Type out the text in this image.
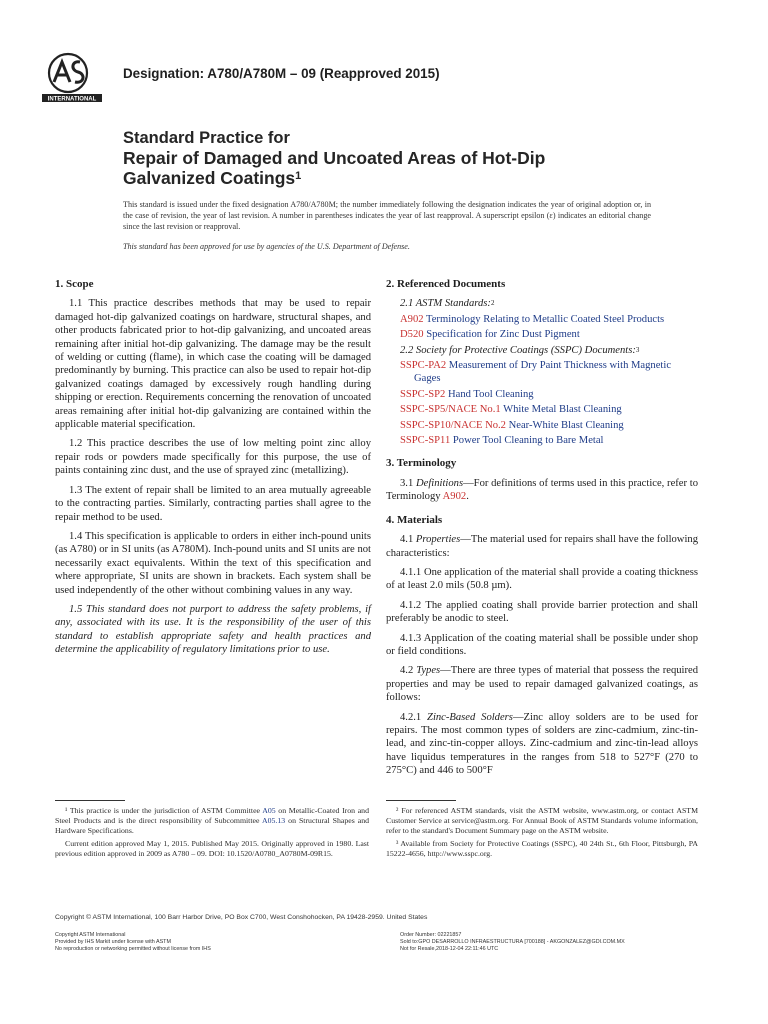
INTERNATIONAL
Designation: A780/A780M – 09 (Reapproved 2015)
Standard Practice for
Repair of Damaged and Uncoated Areas of Hot-Dip
Galvanized Coatings$^1$
This standard is issued under the fixed designation A780/A780M; the number immediately following the designation indicates the year of original adoption or, in the case of revision, the year of last revision. A number in parentheses indicates the year of last reapproval. A superscript epsilon (ε) indicates an editorial change since the last revision or reapproval.
This standard has been approved for use by agencies of the U.S. Department of Defense.
1. Scope

1.1 This practice describes methods that may be used to repair damaged hot-dip galvanized coatings on hardware, structural shapes, and other products fabricated prior to hot-dip galvanizing, and uncoated areas remaining after initial hot-dip galvanizing. The damage may be the result of welding or cutting (flame), in which case the coating will be damaged predominantly by burning. This practice can also be used to repair hot-dip galvanized coatings damaged by excessively rough handling during shipping or erection. Requirements concerning the renovation of uncoated areas remaining after initial hot-dip galvanizing are contained within the applicable material specification.

1.2 This practice describes the use of low melting point zinc alloy repair rods or powders made specifically for this purpose, the use of paints containing zinc dust, and the use of sprayed zinc (metallizing).

1.3 The extent of repair shall be limited to an area mutually agreeable to the contracting parties. Similarly, contracting parties shall agree to the repair method to be used.

1.4 This specification is applicable to orders in either inch-pound units (as A780) or in SI units (as A780M). Inch-pound units and SI units are not necessarily exact equivalents. Within the text of this specification and where appropriate, SI units are shown in brackets. Each system shall be used independently of the other without combining values in any way.

1.5 This standard does not purport to address the safety problems, if any, associated with its use. It is the responsibility of the user of this standard to establish appropriate safety and health practices and determine the applicability of regulatory limitations prior to use.

2. Referenced Documents
2.1 ASTM Standards:$^2$
A902 Terminology Relating to Metallic Coated Steel Products
D520 Specification for Zinc Dust Pigment
2.2 Society for Protective Coatings (SSPC) Documents:$^3$
SSPC-PA2 Measurement of Dry Paint Thickness with Magnetic Gages
SSPC-SP2 Hand Tool Cleaning
SSPC-SP5/NACE No.1 White Metal Blast Cleaning
SSPC-SP10/NACE No.2 Near-White Blast Cleaning
SSPC-SP11 Power Tool Cleaning to Bare Metal
3. Terminology

3.1 Definitions—For definitions of terms used in this practice, refer to Terminology A902.

4. Materials

4.1 Properties—The material used for repairs shall have the following characteristics:

4.1.1 One application of the material shall provide a coating thickness of at least 2.0 mils (50.8 µm).

4.1.2 The applied coating shall provide barrier protection and shall preferably be anodic to steel.

4.1.3 Application of the coating material shall be possible under shop or field conditions.

4.2 Types—There are three types of material that possess the required properties and may be used to repair damaged galvanized coatings, as follows:

4.2.1 Zinc-Based Solders—Zinc alloy solders are to be used for repairs. The most common types of solders are zinc-cadmium, zinc-tin-lead, and zinc-tin-copper alloys. Zinc-cadmium and zinc-tin-lead alloys have liquidus temperatures in the ranges from 518 to 527°F (270 to 275°C) and 446 to 500°F

¹ This practice is under the jurisdiction of ASTM Committee A05 on Metallic-Coated Iron and Steel Products and is the direct responsibility of Subcommittee A05.13 on Structural Shapes and Hardware Specifications.

Current edition approved May 1, 2015. Published May 2015. Originally approved in 1980. Last previous edition approved in 2009 as A780 – 09. DOI: 10.1520/A0780_A0780M-09R15.

² For referenced ASTM standards, visit the ASTM website, www.astm.org, or contact ASTM Customer Service at service@astm.org. For Annual Book of ASTM Standards volume information, refer to the standard's Document Summary page on the ASTM website.

³ Available from Society for Protective Coatings (SSPC), 40 24th St., 6th Floor, Pittsburgh, PA 15222-4656, http://www.sspc.org.

Copyright © ASTM International, 100 Barr Harbor Drive, PO Box C700, West Conshohocken, PA 19428-2959. United States
Copyright ASTM International
Provided by IHS Markit under license with ASTM
No reproduction or networking permitted without license from IHS
Order Number: 02221857
Sold to:GPO DESARROLLO INFRAESTRUCTURA [700188] - AKGONZALEZ@GDI.COM.MX
Not for Resale,2018-12-04 22:11:46 UTC
